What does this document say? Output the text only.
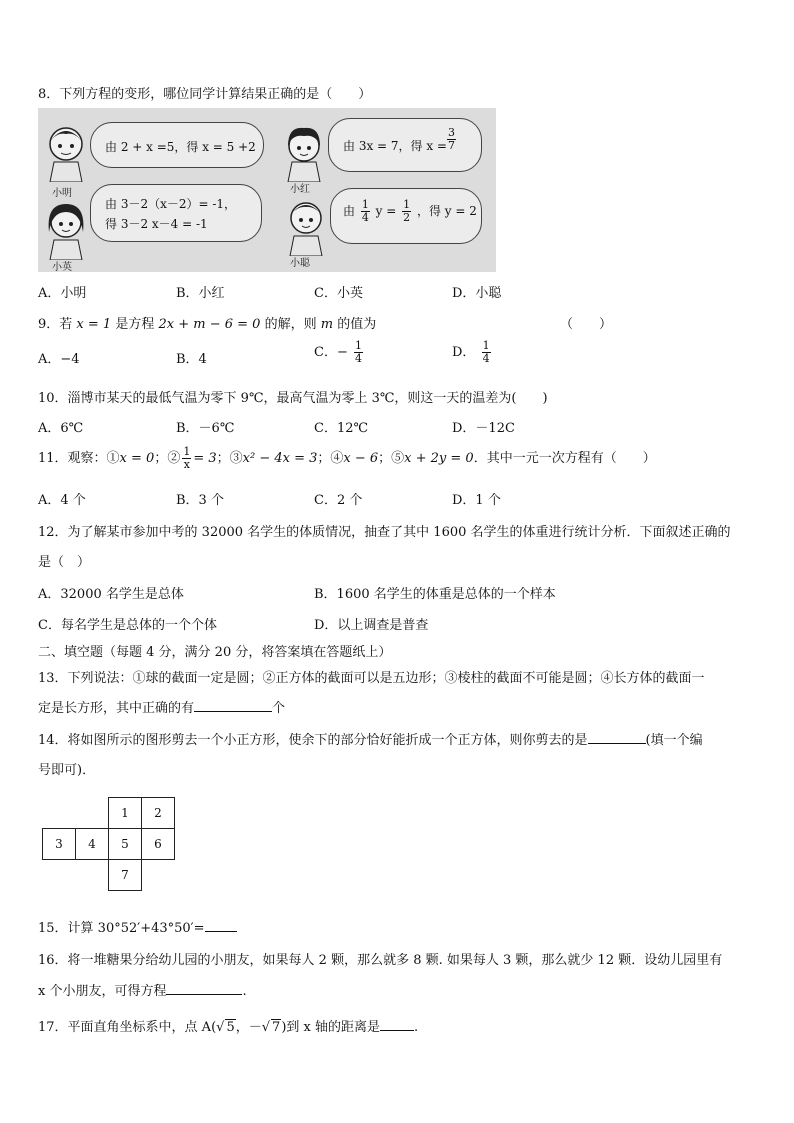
8．下列方程的变形，哪位同学计算结果正确的是（　　）
小明
由 2 + x =5，得 x = 5 +2
小红
由 3x = 7，得 $x = \frac{3}{7}$
小英
由 3－2（x－2）= -1，
得 3－2 x－4 = -1
小聪
由 $\frac{1}{4}$ $y = \frac{1}{2}$ ，得 y = 2
A．小明	B．小红	C．小英	D．小聪
9．若 x = 1 是方程 2x + m − 6 = 0 的解，则 m 的值为	（　　）
A．−4	B．4	C．− $\frac{1}{4}$	D． $\frac{1}{4}$
10．淄博市某天的最低气温为零下 9℃，最高气温为零上 3℃，则这一天的温差为(　　)
A．6℃	B．－6℃	C．12℃	D．－12C
11．观察：①x = 0；② $\frac{1}{x} = 3$；③x² − 4x = 3；④x − 6；⑤x + 2y = 0．其中一元一次方程有（　　）
A．4 个	B．3 个	C．2 个	D．1 个
12．为了解某市参加中考的 32000 名学生的体质情况，抽查了其中 1600 名学生的体重进行统计分析．下面叙述正确的
是（　）
A．32000 名学生是总体	B．1600 名学生的体重是总体的一个样本
C．每名学生是总体的一个个体	D．以上调查是普查
二、填空题（每题 4 分，满分 20 分，将答案填在答题纸上）
13．下列说法：①球的截面一定是圆；②正方体的截面可以是五边形；③棱柱的截面不可能是圆；④长方体的截面一
定是长方形，其中正确的有	个
14．将如图所示的图形剪去一个小正方形，使余下的部分恰好能折成一个正方体，则你剪去的是	(填一个编
号即可)．
1	2
3	4	5	6
7
15．计算 30°52′+43°50′=
16．将一堆糖果分给幼儿园的小朋友，如果每人 2 颗，那么就多 8 颗. 如果每人 3 颗，那么就少 12 颗．设幼儿园里有
x 个小朋友，可得方程	.
17．平面直角坐标系中，点 A(√ 5，－√ 7)到 x 轴的距离是	.
